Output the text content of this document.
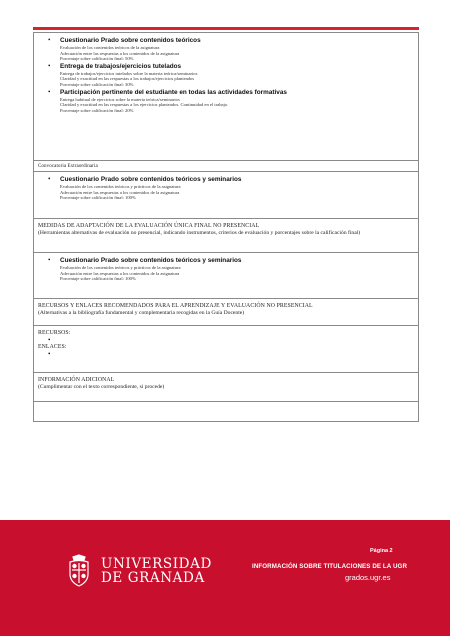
• Cuestionario Prado sobre contenidos teóricos
Evaluación de los contenidos teóricos de la asignatura
Adecuación entre las respuestas a los contenidos de la asignatura
Porcentaje sobre calificación final: 50%
• Entrega de trabajos/ejercicios tutelados
Entrega de trabajos/ejercicios tutelados sobre la materia teórica/seminarios
Claridad y exactitud en las respuestas a los trabajos/ejercicios planteados
Porcentaje sobre calificación final: 30%
• Participación pertinente del estudiante en todas las actividades formativas
Entrega habitual de ejercicios sobre la materia teórica/seminarios
Claridad y exactitud en las respuestas a los ejercicios planteados. Continuidad en el trabajo.
Porcentaje sobre calificación final: 20%
Convocatoria Extraordinaria
• Cuestionario Prado sobre contenidos teóricos y seminarios
Evaluación de los contenidos teóricos y prácticos de la asignatura
Adecuación entre las respuestas a los contenidos de la asignatura
Porcentaje sobre calificación final: 100%
MEDIDAS DE ADAPTACIÓN DE LA EVALUACIÓN ÚNICA FINAL NO PRESENCIAL
(Herramientas alternativas de evaluación no presencial, indicando instrumentos, criterios de evaluación y porcentajes sobre la calificación final)
• Cuestionario Prado sobre contenidos teóricos y seminarios
Evaluación de los contenidos teóricos y prácticos de la asignatura
Adecuación entre las respuestas a los contenidos de la asignatura
Porcentaje sobre calificación final: 100%
RECURSOS Y ENLACES RECOMENDADOS PARA EL APRENDIZAJE Y EVALUACIÓN NO PRESENCIAL
(Alternativas a la bibliografía fundamental y complementaria recogidas en la Guía Docente)
RECURSOS:
•
ENLACES:
•
INFORMACIÓN ADICIONAL
(Cumplimentar con el texto correspondiente, si procede)
UNIVERSIDAD
DE GRANADA
Página 2
INFORMACIÓN SOBRE TITULACIONES DE LA UGR
grados.ugr.es
